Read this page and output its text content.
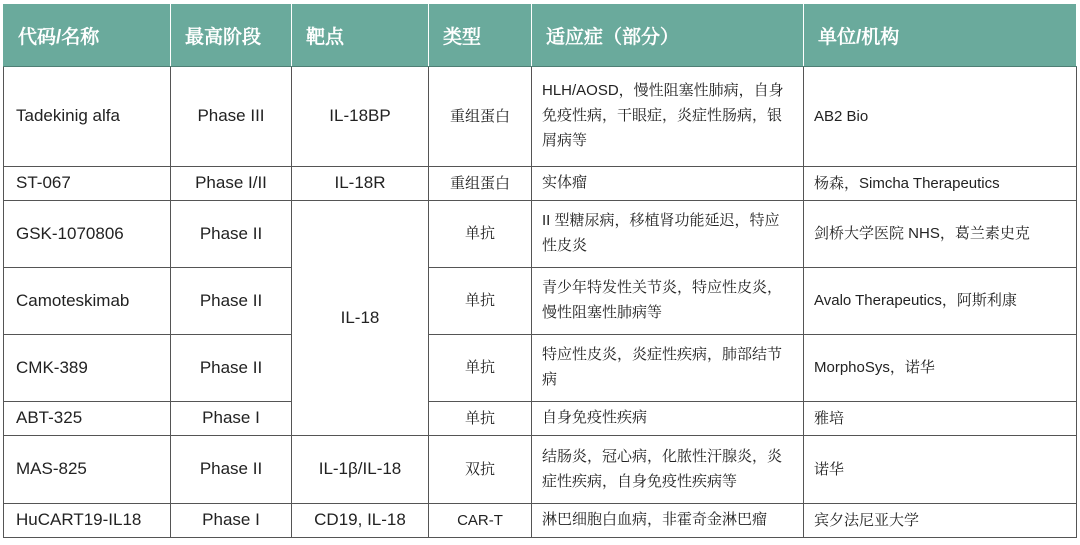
代码/名称	最高阶段	靶点	类型	适应症（部分）	单位/机构
Tadekinig alfa	Phase III	IL-18BP	重组蛋白	HLH/AOSD，慢性阻塞性肺病，自身免疫性病，干眼症，炎症性肠病，银屑病等	AB2 Bio
ST-067	Phase I/II	IL-18R	重组蛋白	实体瘤	杨森，Simcha Therapeutics
GSK-1070806	Phase II	IL-18	单抗	II 型糖尿病，移植肾功能延迟，特应性皮炎	剑桥大学医院 NHS，葛兰素史克
Camoteskimab	Phase II		单抗	青少年特发性关节炎，特应性皮炎，慢性阻塞性肺病等	Avalo Therapeutics，阿斯利康
CMK-389	Phase II		单抗	特应性皮炎，炎症性疾病，肺部结节病	MorphoSys，诺华
ABT-325	Phase I		单抗	自身免疫性疾病	雅培
MAS-825	Phase II	IL-1β/IL-18	双抗	结肠炎，冠心病，化脓性汗腺炎，炎症性疾病，自身免疫性疾病等	诺华
HuCART19-IL18	Phase I	CD19, IL-18	CAR-T	淋巴细胞白血病，非霍奇金淋巴瘤	宾夕法尼亚大学
